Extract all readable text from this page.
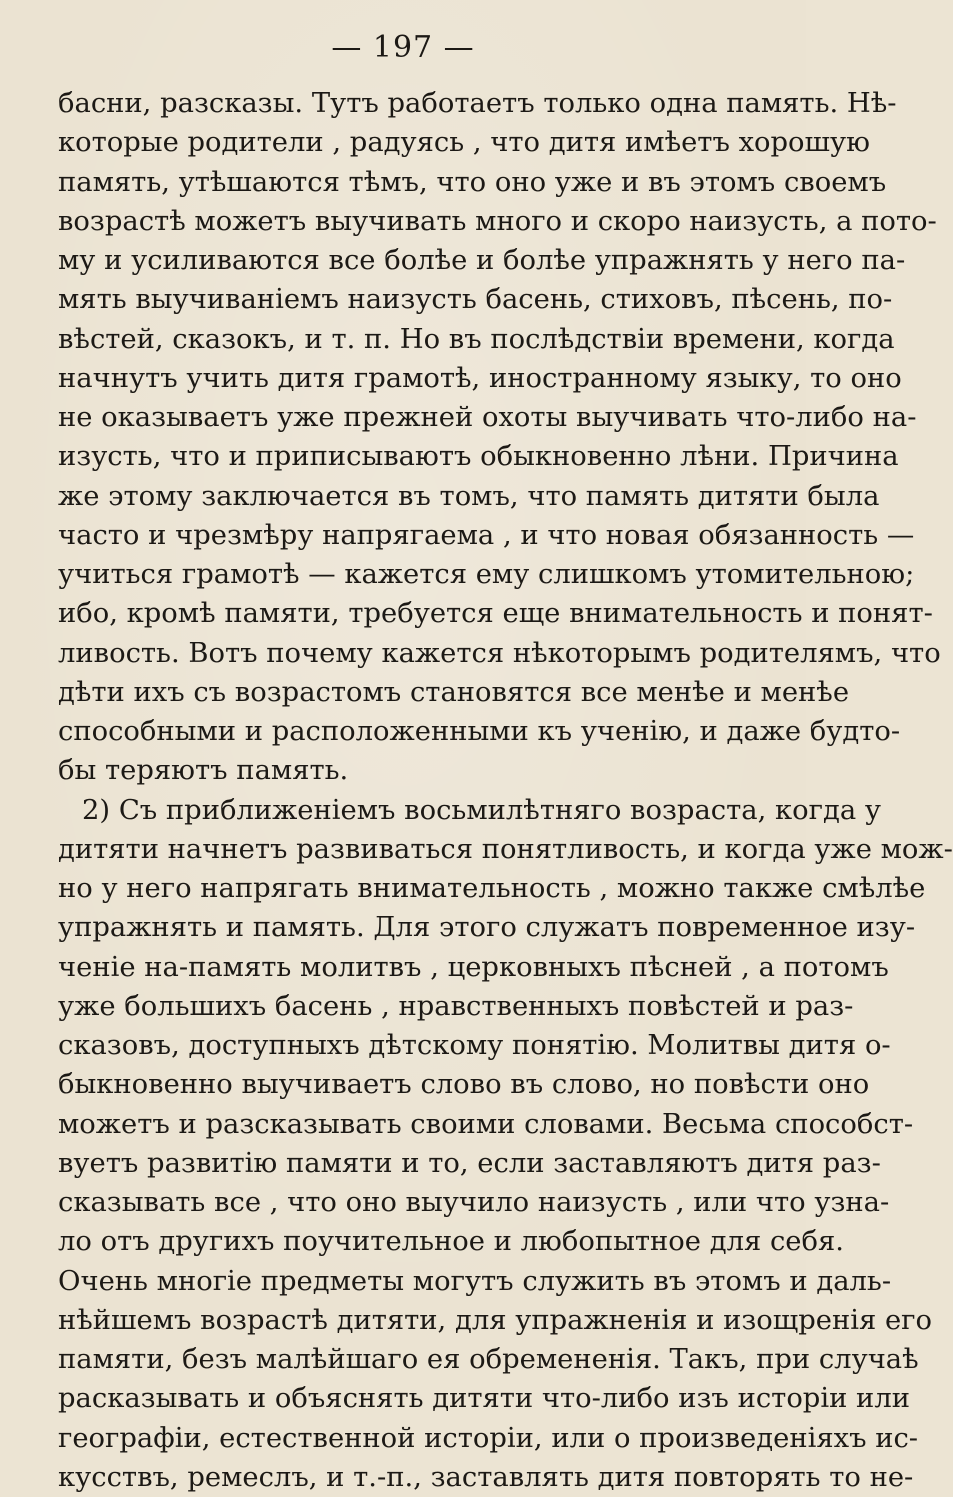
— 197 —
басни, разсказы. Тутъ работаетъ только одна память. Нѣ-
которые родители , радуясь , что дитя имѣетъ хорошую
память, утѣшаются тѣмъ, что оно уже и въ этомъ своемъ
возрастѣ можетъ выучивать много и скоро наизусть, а пото-
му и усиливаются все болѣе и болѣе упражнять у него па-
мять выучиваніемъ наизусть басень, стиховъ, пѣсень, по-
вѣстей, сказокъ, и т. п. Но въ послѣдствіи времени, когда
начнутъ учить дитя грамотѣ, иностранному языку, то оно
не оказываетъ уже прежней охоты выучивать что-либо на-
изусть, что и приписываютъ обыкновенно лѣни. Причина
же этому заключается въ томъ, что память дитяти была
часто и чрезмѣру напрягаема , и что новая обязанность —
учиться грамотѣ — кажется ему слишкомъ утомительною;
ибо, кромѣ памяти, требуется еще внимательность и понят-
ливость. Вотъ почему кажется нѣкоторымъ родителямъ, что
дѣти ихъ съ возрастомъ становятся все менѣе и менѣе
способными и расположенными къ ученію, и даже будто-
бы теряютъ память.
2) Съ приближеніемъ восьмилѣтняго возраста, когда у
дитяти начнетъ развиваться понятливость, и когда уже мож-
но у него напрягать внимательность , можно также смѣлѣе
упражнять и память. Для этого служатъ повременное изу-
ченіе на-память молитвъ , церковныхъ пѣсней , а потомъ
уже большихъ басень , нравственныхъ повѣстей и раз-
сказовъ, доступныхъ дѣтскому понятію. Молитвы дитя о-
быкновенно выучиваетъ слово въ слово, но повѣсти оно
можетъ и разсказывать своими словами. Весьма способст-
вуетъ развитію памяти и то, если заставляютъ дитя раз-
сказывать все , что оно выучило наизусть , или что узна-
ло отъ другихъ поучительное и любопытное для себя.
Очень многіе предметы могутъ служить въ этомъ и даль-
нѣйшемъ возрастѣ дитяти, для упражненія и изощренія его
памяти, безъ малѣйшаго ея обремененія. Такъ, при случаѣ
расказывать и объяснять дитяти что-либо изъ исторіи или
географіи, естественной исторіи, или о произведеніяхъ ис-
кусствъ, ремеслъ, и т.-п., заставлять дитя повторять то не-
